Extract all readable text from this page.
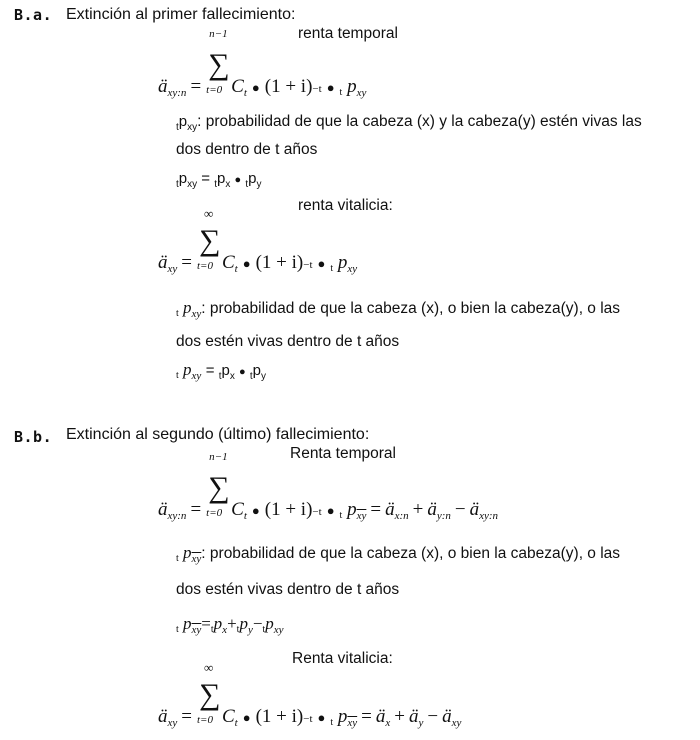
B.a. Extinción al primer fallecimiento:
renta temporal
$ä_{xy:n}$ =
∑
n−1
t=0 $C_t$ ● (1 + i) −t ● t $p_{xy}$
$_tp_{xy}$: probabilidad de que la cabeza (x) y la cabeza(y) estén vivas las
dos dentro de t años
$_tp_{xy} = _tp_x$ ● $_tp_y$
renta vitalicia:
$ä_{xy}$ =
∑
∞
t=0 $C_t$ ● (1 + i) −t ● t $p_{xy}$
t $p_{xy}$: probabilidad de que la cabeza (x), o bien la cabeza(y), o las
dos estén vivas dentro de t años
t $p_{xy} = _tp_x$ ● $_tp_y$
B.b. Extinción al segundo (último) fallecimiento:
Renta temporal
$ä_{xy:n}$ =
∑
n−1
t=0 $C_t$ ● (1 + i) −t ● t $p_{\overline{xy}}$ = $ä_{x:n}$ + $ä_{y:n}$ − $ä_{xy:n}$
t $p_{\overline{xy}}$: probabilidad de que la cabeza (x), o bien la cabeza(y), o las
dos estén vivas dentro de t años
t $p_{\overline{xy}}=tp_x+tp_y-tp_{xy}$
Renta vitalicia:
$ä_{xy}$ =
∑
∞
t=0 $C_t$ ● (1 + i) −t ● t $p_{\overline{xy}}$ = $ä_x$ + $ä_y$ − $ä_{xy}$
